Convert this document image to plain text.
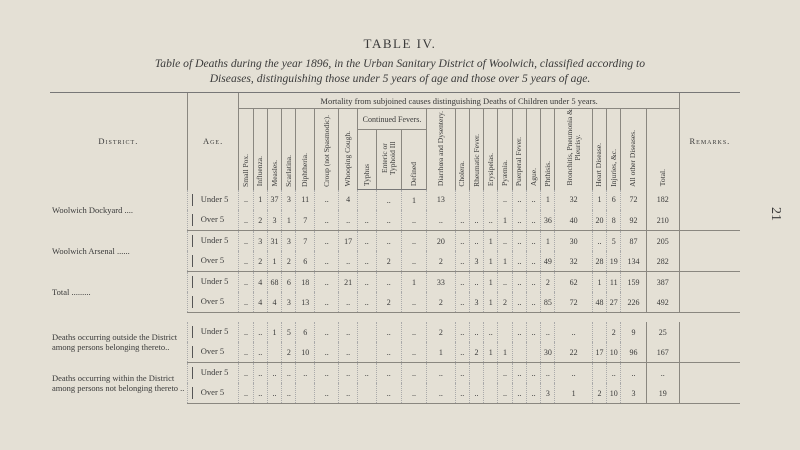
TABLE IV.
Table of Deaths during the year 1896, in the Urban Sanitary District of Woolwich, classified according to
Diseases, distinguishing those under 5 years of age and those over 5 years of age.
21
District.	Age.	Mortality from subjoined causes distinguishing Deaths of Children under 5 years.																							Remarks.

		Small Pox.	Influenza.	Measles.	Scarlatina.	Diphtheria.	Croup (not Spasmodic).	Whooping Cough.	Continued Fevers.			Diarrhœa and Dysentery.	Cholera.	Rheumatic Fever.	Erysipelas.	Pyæmia.	Puerperal Fever.	Ague.	Phthisis.	Bronchitis, Pneumonia & Pleurisy.	Heart Disease.	Injuries, &c.	All other Diseases.	Total.	

									Typhus	Enteric or Typhoid Ill	Defined														

Woolwich Dockyard ....	Under 5	..	1	37	3	11	..	4		..	1	13				..	..	..	1	32	1	6	72	182	
	Over 5	..	2	3	1	7	..	..	..	..	..	..	..	..	..	1	..	..	36	40	20	8	92	210	
Woolwich Arsenal ......	Under 5	..	3	31	3	7	..	17	..	..	..	20	..	..	1	..	..	..	1	30	..	5	87	205	
	Over 5	..	2	1	2	6	..	..	..	2	..	2	..	3	1	1	..	..	49	32	28	19	134	282	
Total .........	Under 5	..	4	68	6	18	..	21	..	..	1	33	..	..	1	..	..	..	2	62	1	11	159	387	
	Over 5	..	4	4	3	13	..	..	..	2	..	2	..	3	1	2	..	..	85	72	48	27	226	492	

Deaths occurring outside the District among persons belonging thereto..	Under 5	..	..	1	5	6	..	..		..	..	2	..	..	..		..	..	..	..		2	9	25	
	Over 5	..	..		2	10	..	..		..	..	1	..	2	1	1			30	22	17	10	96	167	
Deaths occurring within the District among persons not belonging thereto ..	Under 5	..	..	..	..	..	..	..	..	..	..	..	..			..	..	..	..	..		..	..	..	
	Over 5	..	..	..	..		..	..		..	..	..	..	..		..	..	..	3	1	2	10	3	19	
